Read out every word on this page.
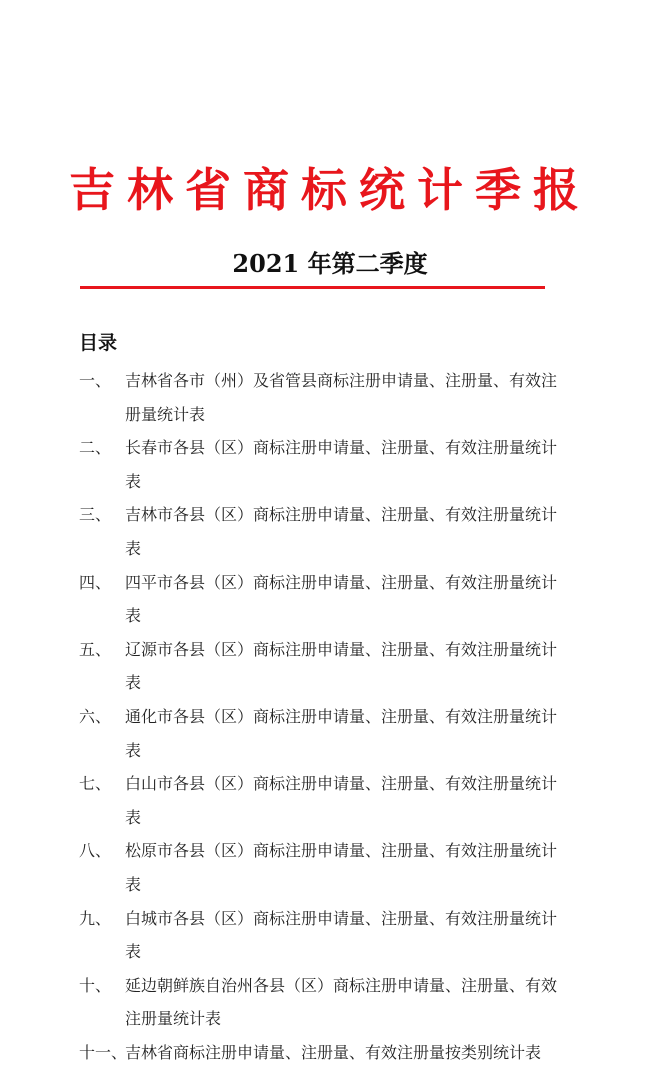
吉林省商标统计季报
2021 年第二季度
目录
一、 吉林省各市（州）及省管县商标注册申请量、注册量、有效注册量统计表
二、 长春市各县（区）商标注册申请量、注册量、有效注册量统计表
三、 吉林市各县（区）商标注册申请量、注册量、有效注册量统计表
四、 四平市各县（区）商标注册申请量、注册量、有效注册量统计表
五、 辽源市各县（区）商标注册申请量、注册量、有效注册量统计表
六、 通化市各县（区）商标注册申请量、注册量、有效注册量统计表
七、 白山市各县（区）商标注册申请量、注册量、有效注册量统计表
八、 松原市各县（区）商标注册申请量、注册量、有效注册量统计表
九、 白城市各县（区）商标注册申请量、注册量、有效注册量统计表
十、 延边朝鲜族自治州各县（区）商标注册申请量、注册量、有效注册量统计表
十一、
吉林省商标注册申请量、注册量、有效注册量按类别统计表
